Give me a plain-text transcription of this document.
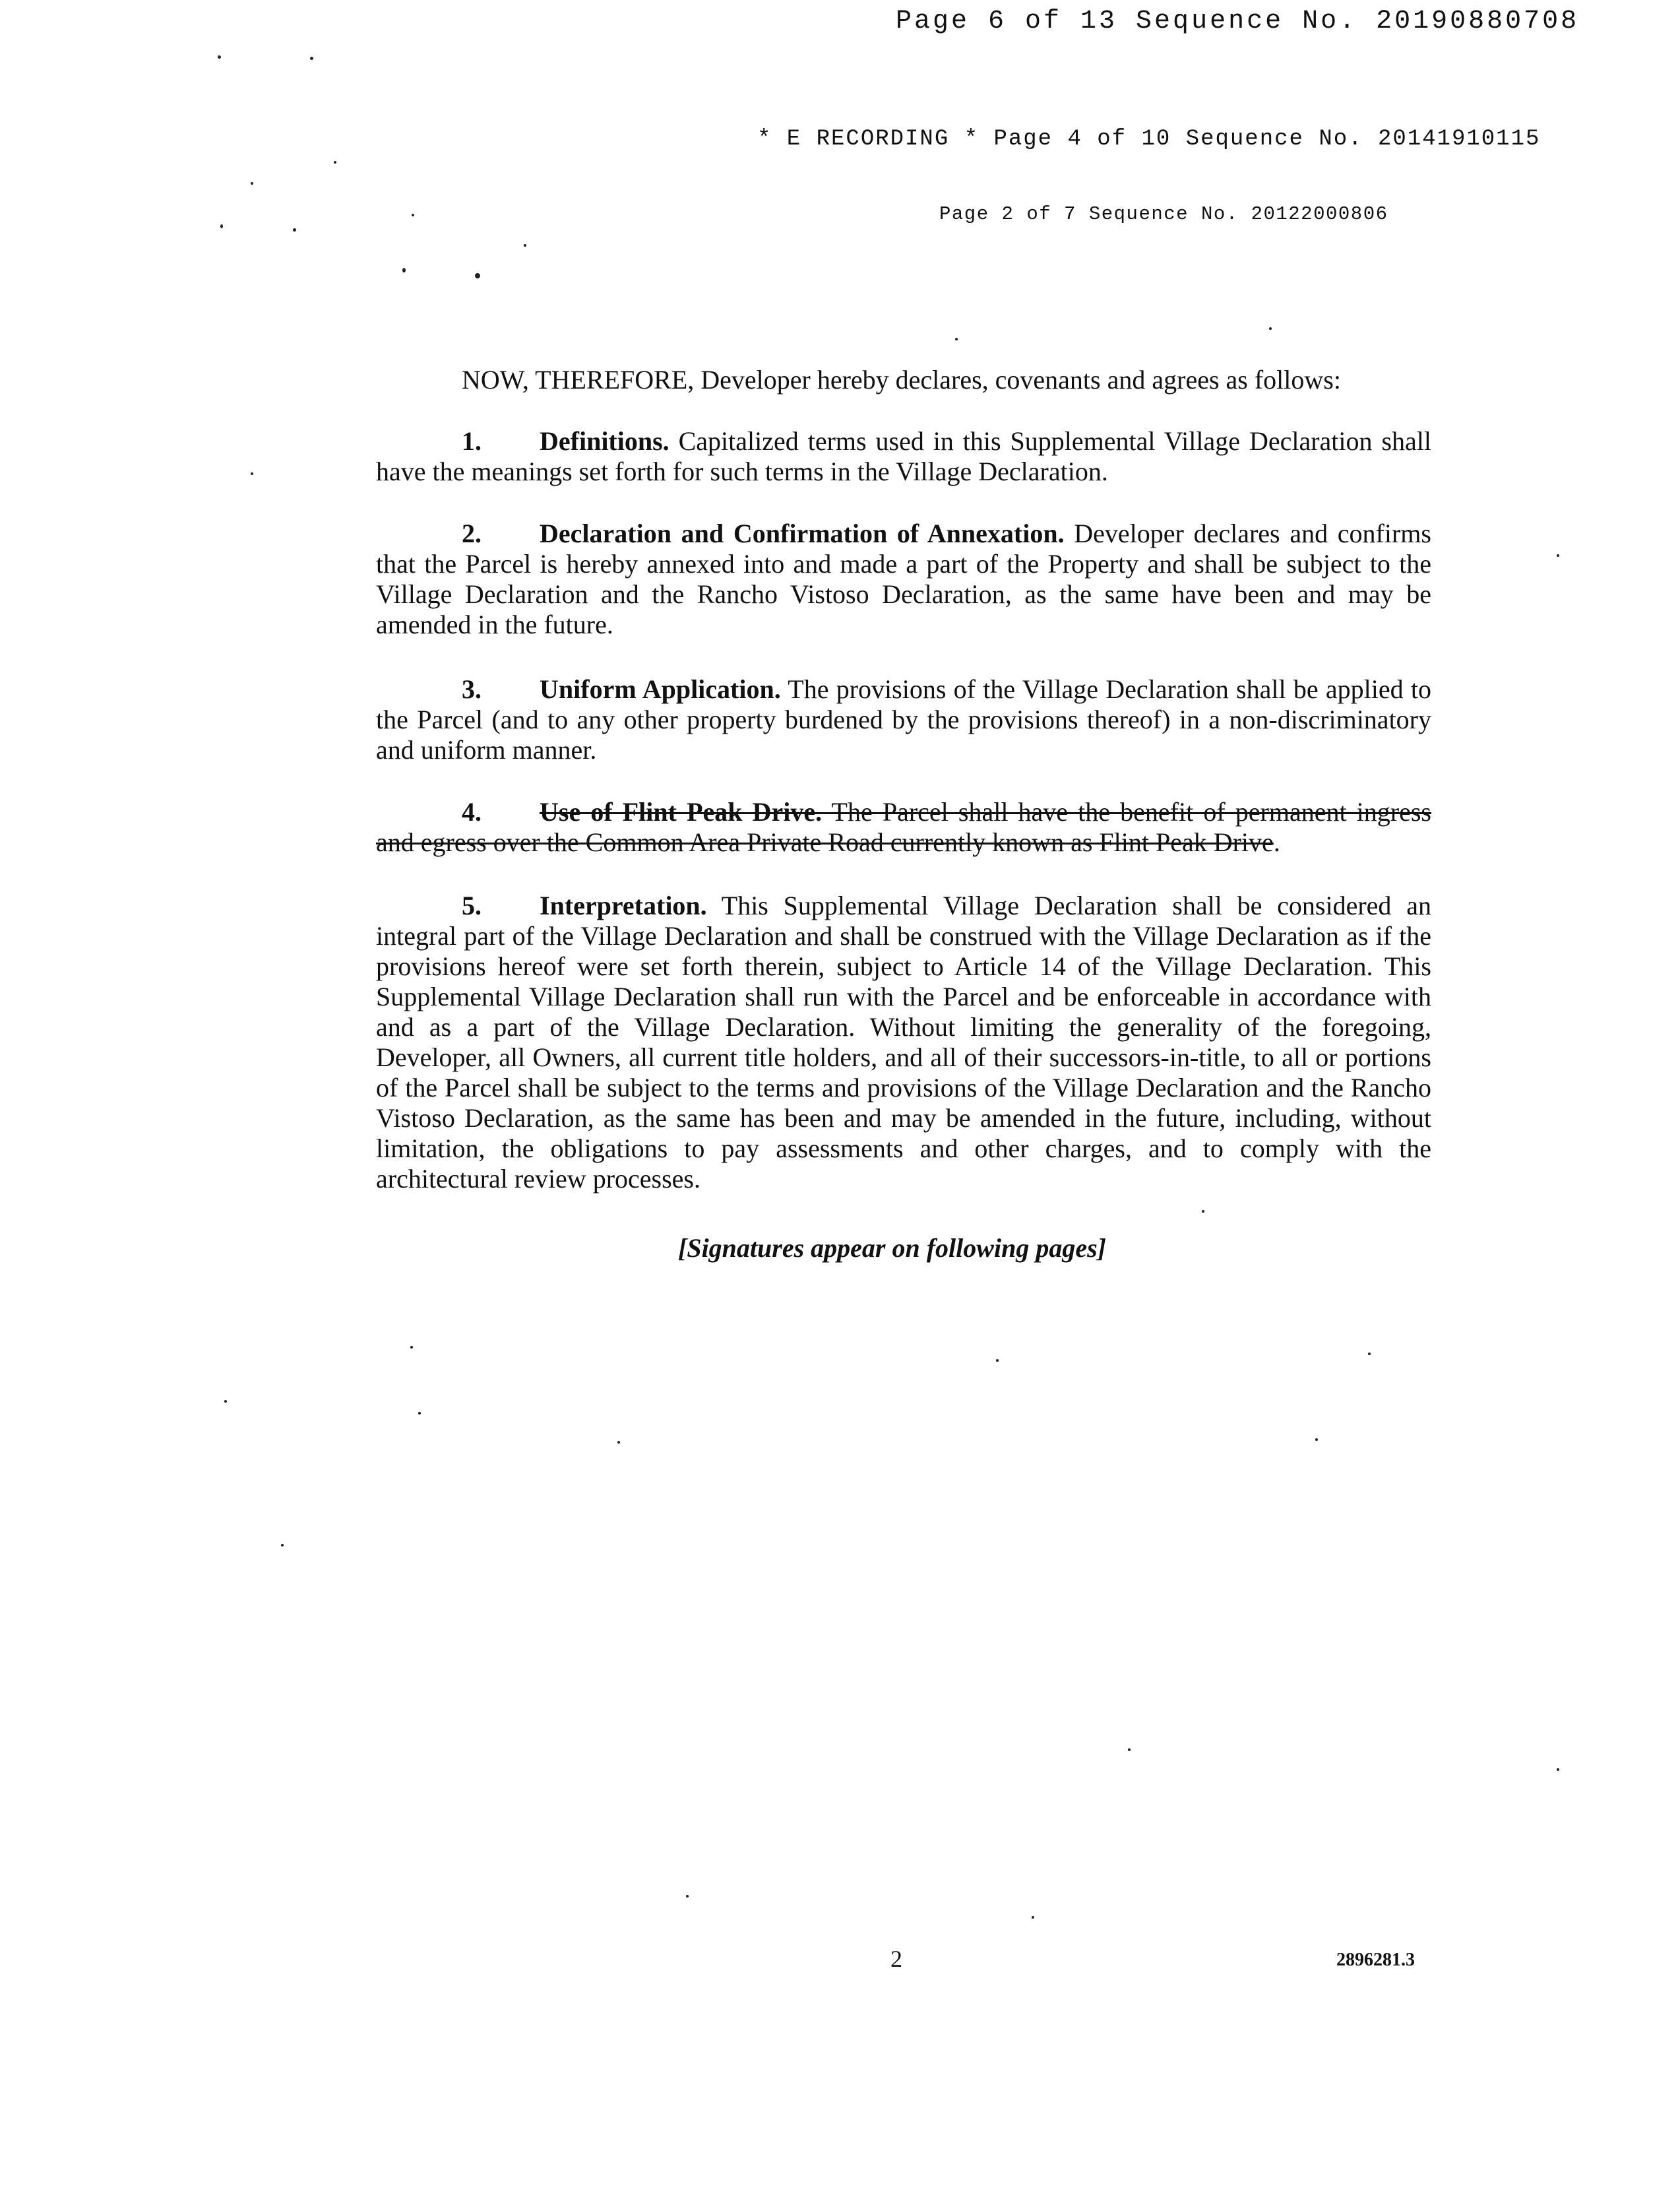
Page 6 of 13 Sequence No. 20190880708
* E RECORDING * Page 4 of 10 Sequence No. 20141910115
Page 2 of 7 Sequence No. 20122000806
NOW, THEREFORE, Developer hereby declares, covenants and agrees as follows:
1. Definitions. Capitalized terms used in this Supplemental Village Declaration shall have the meanings set forth for such terms in the Village Declaration.
2. Declaration and Confirmation of Annexation. Developer declares and confirms that the Parcel is hereby annexed into and made a part of the Property and shall be subject to the Village Declaration and the Rancho Vistoso Declaration, as the same have been and may be amended in the future.
3. Uniform Application. The provisions of the Village Declaration shall be applied to the Parcel (and to any other property burdened by the provisions thereof) in a non-discriminatory and uniform manner.
4. Use of Flint Peak Drive. The Parcel shall have the benefit of permanent ingress and egress over the Common Area Private Road currently known as Flint Peak Drive.
5. Interpretation. This Supplemental Village Declaration shall be considered an integral part of the Village Declaration and shall be construed with the Village Declaration as if the provisions hereof were set forth therein, subject to Article 14 of the Village Declaration. This Supplemental Village Declaration shall run with the Parcel and be enforceable in accordance with and as a part of the Village Declaration. Without limiting the generality of the foregoing, Developer, all Owners, all current title holders, and all of their successors-in-title, to all or portions of the Parcel shall be subject to the terms and provisions of the Village Declaration and the Rancho Vistoso Declaration, as the same has been and may be amended in the future, including, without limitation, the obligations to pay assessments and other charges, and to comply with the architectural review processes.
[Signatures appear on following pages]
2	2896281.3
